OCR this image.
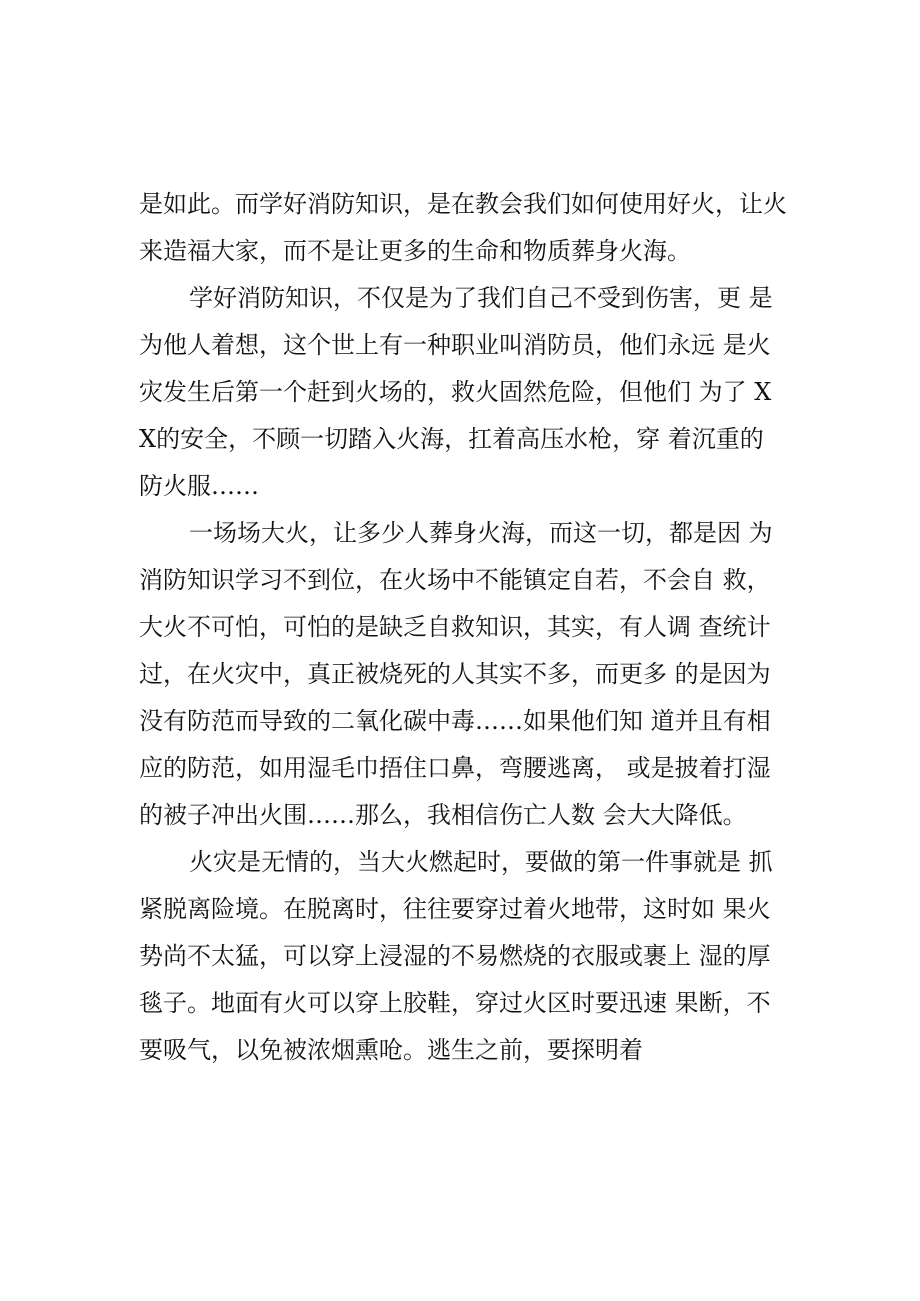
是如此。而学好消防知识，是在教会我们如何使用好火，让火
来造福大家，而不是让更多的生命和物质葬身火海。
学好消防知识，不仅是为了我们自己不受到伤害，更 是
为他人着想，这个世上有一种职业叫消防员，他们永远 是火
灾发生后第一个赶到火场的，救火固然危险，但他们 为了 X
X的安全，不顾一切踏入火海，扛着高压水枪，穿 着沉重的
防火服……
一场场大火，让多少人葬身火海，而这一切，都是因 为
消防知识学习不到位，在火场中不能镇定自若，不会自 救，
大火不可怕，可怕的是缺乏自救知识，其实，有人调 查统计
过，在火灾中，真正被烧死的人其实不多，而更多 的是因为
没有防范而导致的二氧化碳中毒……如果他们知 道并且有相
应的防范，如用湿毛巾捂住口鼻，弯腰逃离， 或是披着打湿
的被子冲出火围……那么，我相信伤亡人数 会大大降低。
火灾是无情的，当大火燃起时，要做的第一件事就是 抓
紧脱离险境。在脱离时，往往要穿过着火地带，这时如 果火
势尚不太猛，可以穿上浸湿的不易燃烧的衣服或裹上 湿的厚
毯子。地面有火可以穿上胶鞋，穿过火区时要迅速 果断，不
要吸气，以免被浓烟熏呛。逃生之前，要探明着
